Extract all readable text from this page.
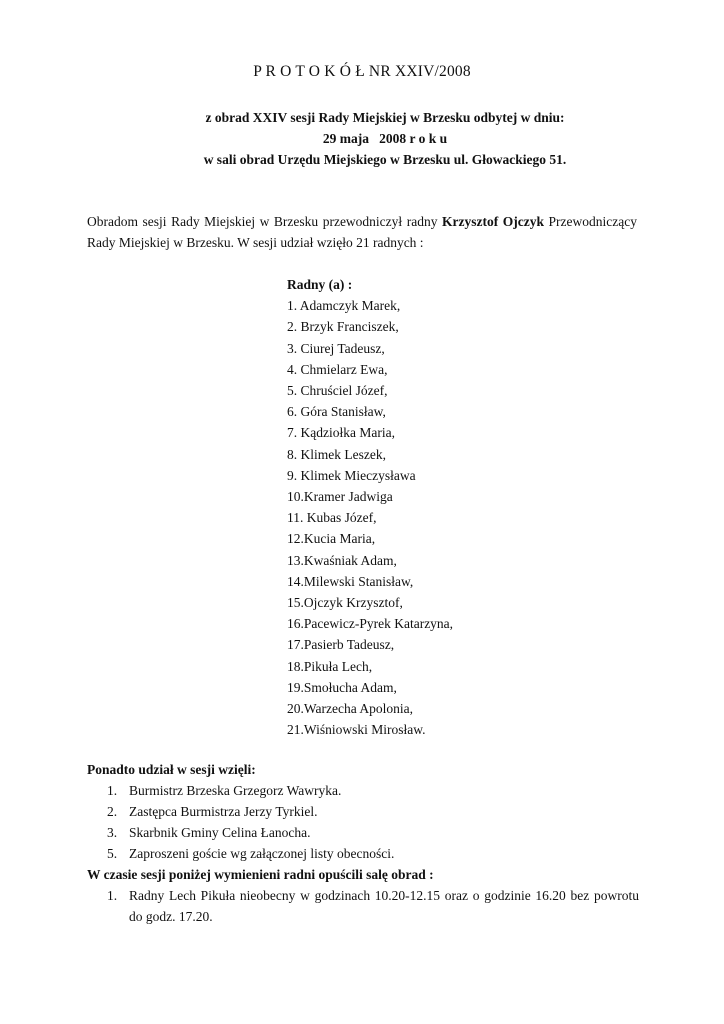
P R O T O K Ó Ł NR XXIV/2008
z obrad XXIV sesji Rady Miejskiej w Brzesku odbytej w dniu:
29 maja   2008 r o k u
w sali obrad Urzędu Miejskiego w Brzesku ul. Głowackiego 51.
Obradom sesji Rady Miejskiej w Brzesku przewodniczył radny Krzysztof Ojczyk Przewodniczący Rady Miejskiej w Brzesku. W sesji udział wzięło 21 radnych :
Radny (a) :
1. Adamczyk Marek,
2. Brzyk Franciszek,
3. Ciurej Tadeusz,
4. Chmielarz Ewa,
5. Chruściel Józef,
6. Góra Stanisław,
7. Kądziołka Maria,
8. Klimek Leszek,
9. Klimek Mieczysława
10.Kramer Jadwiga
11. Kubas Józef,
12.Kucia Maria,
13.Kwaśniak Adam,
14.Milewski Stanisław,
15.Ojczyk Krzysztof,
16.Pacewicz-Pyrek Katarzyna,
17.Pasierb Tadeusz,
18.Pikuła Lech,
19.Smołucha Adam,
20.Warzecha Apolonia,
21.Wiśniowski Mirosław.
Ponadto udział w sesji wzięli:
1. Burmistrz Brzeska Grzegorz Wawryka.
2. Zastępca Burmistrza Jerzy Tyrkiel.
3. Skarbnik Gminy Celina Łanocha.
5. Zaproszeni goście wg załączonej listy obecności.
W czasie sesji poniżej wymienieni radni opuścili salę obrad :
1. Radny Lech Pikuła nieobecny w godzinach 10.20-12.15 oraz o godzinie 16.20 bez powrotu do godz. 17.20.
